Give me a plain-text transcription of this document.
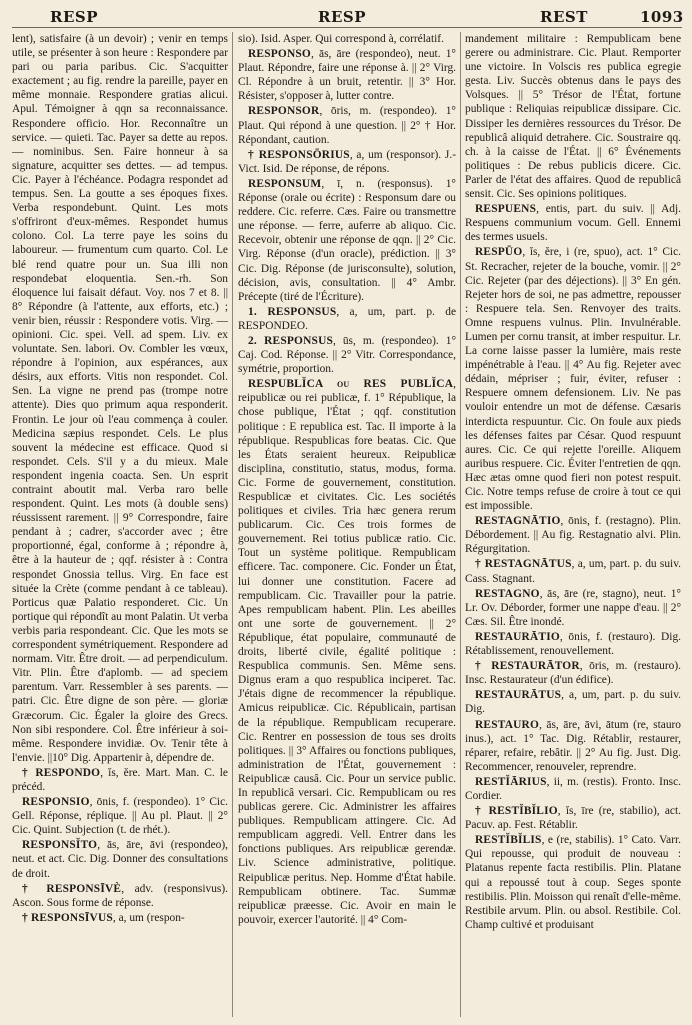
RESP	RESP	REST	1093

lent), satisfaire (à un devoir) ; venir en temps utile, se présenter à son heure : Respondere par pari ou paria paribus. Cic. S'acquitter exactement ; au fig. rendre la pareille, payer en même monnaie. Respondere gratias alicui. Apul. Témoigner à qqn sa reconnaissance. Respondere officio. Hor. Reconnaître un service. — quieti. Tac. Payer sa dette au repos. — nominibus. Sen. Faire honneur à sa signature, acquitter ses dettes. — ad tempus. Cic. Payer à l'échéance. Podagra respondet ad tempus. Sen. La goutte a ses époques fixes. Verba respondebunt. Quint. Les mots s'offriront d'eux-mêmes. Respondet humus colono. Col. La terre paye les soins du laboureur. — frumentum cum quarto. Col. Le blé rend quatre pour un. Sua illi non respondebat eloquentia. Sen.-rh. Son éloquence lui faisait défaut. Voy. nos 7 et 8. || 8° Répondre (à l'attente, aux efforts, etc.) ; venir bien, réussir : Respondere votis. Virg. — opinioni. Cic. spei. Vell. ad spem. Liv. ex voluntate. Sen. labori. Ov. Combler les vœux, répondre à l'opinion, aux espérances, aux désirs, aux efforts. Vitis non respondet. Col. Sen. La vigne ne prend pas (trompe notre attente). Dies quo primum aqua responderit. Frontin. Le jour où l'eau commença à couler. Medicina sæpius respondet. Cels. Le plus souvent la médecine est efficace. Quod si respondet. Cels. S'il y a du mieux. Male respondent ingenia coacta. Sen. Un esprit contraint aboutit mal. Verba raro belle respondent. Quint. Les mots (à double sens) réussissent rarement. || 9° Correspondre, faire pendant à ; cadrer, s'accorder avec ; être proportionné, égal, conforme à ; répondre à, être à la hauteur de ; qqf. résister à : Contra respondet Gnossia tellus. Virg. En face est située la Crète (comme pendant à ce tableau). Porticus quæ Palatio responderet. Cic. Un portique qui répondît au mont Palatin. Ut verba verbis paria respondeant. Cic. Que les mots se correspondent symétriquement. Respondere ad normam. Vitr. Être droit. — ad perpendiculum. Vitr. Plin. Être d'aplomb. — ad speciem parentum. Varr. Ressembler à ses parents. — patri. Cic. Être digne de son père. — gloriæ Græcorum. Cic. Égaler la gloire des Grecs. Non sibi respondere. Col. Être inférieur à soi-même. Respondere invidiæ. Ov. Tenir tête à l'envie. ||10° Dig. Appartenir à, dépendre de.

† RESPONDO, ĭs, ĕre. Mart. Man. C. le précéd.

RESPONSIO, ōnis, f. (respondeo). 1° Cic. Gell. Réponse, réplique. || Au pl. Plaut. || 2° Cic. Quint. Subjection (t. de rhét.).

RESPONSĬTO, ās, āre, āvi (respondeo), neut. et act. Cic. Dig. Donner des consultations de droit.

† RESPONSĪVÈ, adv. (responsivus). Ascon. Sous forme de réponse.

† RESPONSĪVUS, a, um (respon-

sio). Isid. Asper. Qui correspond à, corrélatif.

RESPONSO, ās, āre (respondeo), neut. 1° Plaut. Répondre, faire une réponse à. || 2° Virg. Cl. Répondre à un bruit, retentir. || 3° Hor. Résister, s'opposer à, lutter contre.

RESPONSOR, ōris, m. (respondeo). 1° Plaut. Qui répond à une question. || 2° † Hor. Répondant, caution.

† RESPONSŌRIUS, a, um (responsor). J.-Vict. Isid. De réponse, de répons.

RESPONSUM, ī, n. (responsus). 1° Réponse (orale ou écrite) : Responsum dare ou reddere. Cic. referre. Cæs. Faire ou transmettre une réponse. — ferre, auferre ab aliquo. Cic. Recevoir, obtenir une réponse de qqn. || 2° Cic. Virg. Réponse (d'un oracle), prédiction. || 3° Cic. Dig. Réponse (de jurisconsulte), solution, décision, avis, consultation. || 4° Ambr. Précepte (tiré de l'Écriture).

1. RESPONSUS, a, um, part. p. de RESPONDEO.

2. RESPONSUS, ūs, m. (respondeo). 1° Caj. Cod. Réponse. || 2° Vitr. Correspondance, symétrie, proportion.

RESPUBLĬCA ou RES PUBLĬCA, reipublicæ ou rei publicæ, f. 1° République, la chose publique, l'État ; qqf. constitution politique : E republica est. Tac. Il importe à la république. Respublicas fore beatas. Cic. Que les États seraient heureux. Reipublicæ disciplina, constitutio, status, modus, forma. Cic. Forme de gouvernement, constitution. Respublicæ et civitates. Cic. Les sociétés politiques et civiles. Tria hæc genera rerum publicarum. Cic. Ces trois formes de gouvernement. Rei totius publicæ ratio. Cic. Tout un système politique. Rempublicam efficere. Tac. componere. Cic. Fonder un État, lui donner une constitution. Facere ad rempublicam. Cic. Travailler pour la patrie. Apes rempublicam habent. Plin. Les abeilles ont une sorte de gouvernement. || 2° République, état populaire, communauté de droits, liberté civile, égalité politique : Respublica communis. Sen. Même sens. Dignus eram a quo respublica inciperet. Tac. J'étais digne de recommencer la république. Amicus reipublicæ. Cic. Républicain, partisan de la république. Rempublicam recuperare. Cic. Rentrer en possession de tous ses droits politiques. || 3° Affaires ou fonctions publiques, administration de l'État, gouvernement : Reipublicæ causâ. Cic. Pour un service public. In republicâ versari. Cic. Rempublicam ou res publicas gerere. Cic. Administrer les affaires publiques. Rempublicam attingere. Cic. Ad rempublicam aggredi. Vell. Entrer dans les fonctions publiques. Ars reipublicæ gerendæ. Liv. Science administrative, politique. Reipublicæ peritus. Nep. Homme d'État habile. Rempublicam obtinere. Tac. Summæ reipublicæ præesse. Cic. Avoir en main le pouvoir, exercer l'autorité. || 4° Com-

mandement militaire : Rempublicam bene gerere ou administrare. Cic. Plaut. Remporter une victoire. In Volscis res publica egregie gesta. Liv. Succès obtenus dans le pays des Volsques. || 5° Trésor de l'État, fortune publique : Reliquias reipublicæ dissipare. Cic. Dissiper les dernières ressources du Trésor. De republicâ aliquid detrahere. Cic. Soustraire qq. ch. à la caisse de l'État. || 6° Événements politiques : De rebus publicis dicere. Cic. Parler de l'état des affaires. Quod de republicâ sensit. Cic. Ses opinions politiques.

RESPUENS, entis, part. du suiv. || Adj. Respuens communium vocum. Gell. Ennemi des termes usuels.

RESPŪO, ĭs, ĕre, i (re, spuo), act. 1° Cic. St. Recracher, rejeter de la bouche, vomir. || 2° Cic. Rejeter (par des déjections). || 3° En gén. Rejeter hors de soi, ne pas admettre, repousser : Respuere tela. Sen. Renvoyer des traits. Omne respuens vulnus. Plin. Invulnérable. Lumen per cornu transit, at imber respuitur. Lr. La corne laisse passer la lumière, mais reste impénétrable à l'eau. || 4° Au fig. Rejeter avec dédain, mépriser ; fuir, éviter, refuser : Respuere omnem defensionem. Liv. Ne pas vouloir entendre un mot de défense. Cæsaris interdicta respuuntur. Cic. On foule aux pieds les défenses faites par César. Quod respuunt aures. Cic. Ce qui rejette l'oreille. Aliquem auribus respuere. Cic. Éviter l'entretien de qqn. Hæc ætas omne quod fieri non potest respuit. Cic. Notre temps refuse de croire à tout ce qui est impossible.

RESTAGNĀTIO, ōnis, f. (restagno). Plin. Débordement. || Au fig. Restagnatio alvi. Plin. Régurgitation.

† RESTAGNĀTUS, a, um, part. p. du suiv. Cass. Stagnant.

RESTAGNO, ās, āre (re, stagno), neut. 1° Lr. Ov. Déborder, former une nappe d'eau. || 2° Cæs. Sil. Être inondé.

RESTAURĀTIO, ōnis, f. (restauro). Dig. Rétablissement, renouvellement.

† RESTAURĀTOR, ōris, m. (restauro). Insc. Restaurateur (d'un édifice).

RESTAURĀTUS, a, um, part. p. du suiv. Dig.

RESTAURO, ās, āre, āvi, ātum (re, stauro inus.), act. 1° Tac. Dig. Rétablir, restaurer, réparer, refaire, rebâtir. || 2° Au fig. Just. Dig. Recommencer, renouveler, reprendre.

RESTĬĀRIUS, ii, m. (restis). Fronto. Insc. Cordier.

† RESTĬBĬLIO, ĭs, īre (re, stabilio), act. Pacuv. ap. Fest. Rétablir.

RESTĬBĬLIS, e (re, stabilis). 1° Cato. Varr. Qui repousse, qui produit de nouveau : Platanus repente facta restibilis. Plin. Platane qui a repoussé tout à coup. Seges sponte restibilis. Plin. Moisson qui renaît d'elle-même. Restibile arvum. Plin. ou absol. Restibile. Col. Champ cultivé et produisant
